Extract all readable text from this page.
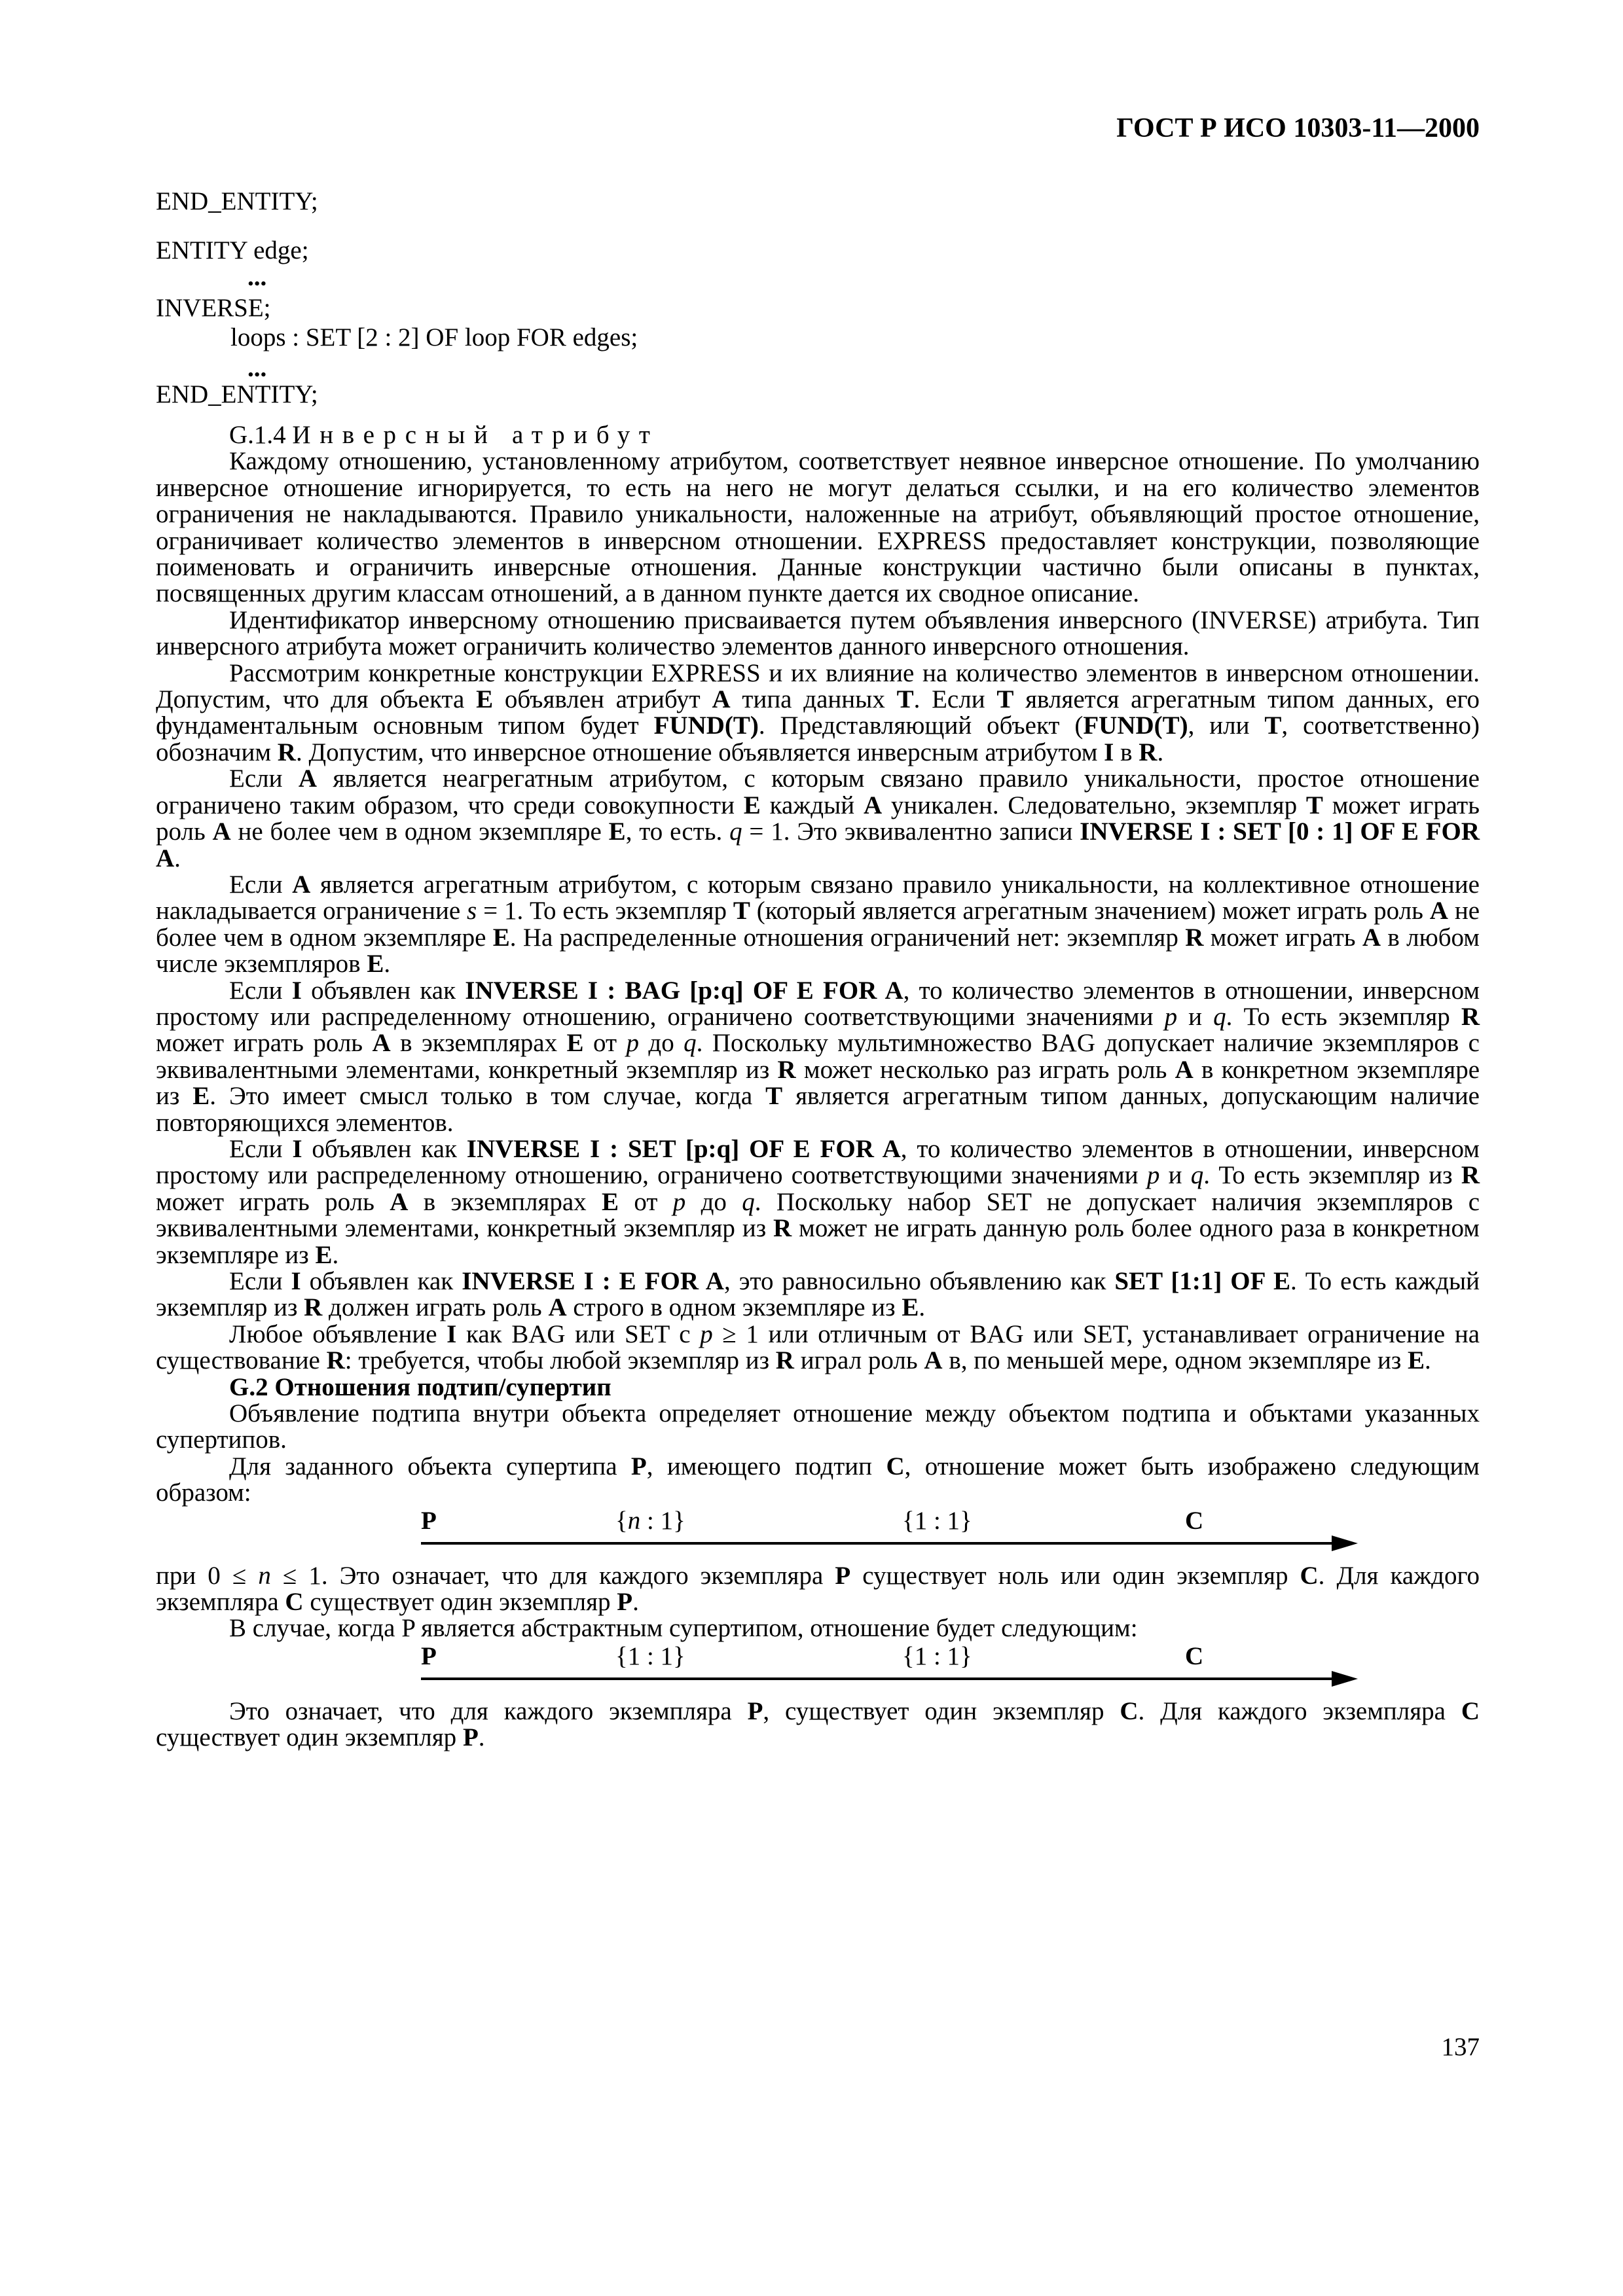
ГОСТ Р ИСО 10303-11—2000
END_ENTITY;
ENTITY edge;
...
INVERSE;
loops : SET [2 : 2] OF loop FOR edges;
...
END_ENTITY;

G.1.4 Инверсный атрибут

Каждому отношению, установленному атрибутом, соответствует неявное инверсное отношение. По умолчанию инверсное отношение игнорируется, то есть на него не могут делаться ссылки, и на его количество элементов ограничения не накладываются. Правило уникальности, наложенные на атрибут, объявляющий простое отношение, ограничивает количество элементов в инверсном отношении. EXPRESS предоставляет конструкции, позволяющие поименовать и ограничить инверсные отношения. Данные конструкции частично были описаны в пунктах, посвященных другим классам отношений, а в данном пункте дается их сводное описание.

Идентификатор инверсному отношению присваивается путем объявления инверсного (INVERSE) атрибута. Тип инверсного атрибута может ограничить количество элементов данного инверсного отношения.

Рассмотрим конкретные конструкции EXPRESS и их влияние на количество элементов в инверсном отношении. Допустим, что для объекта E объявлен атрибут A типа данных T. Если T является агрегатным типом данных, его фундаментальным основным типом будет FUND(T). Представляющий объект (FUND(T), или T, соответственно) обозначим R. Допустим, что инверсное отношение объявляется инверсным атрибутом I в R.

Если A является неагрегатным атрибутом, с которым связано правило уникальности, простое отношение ограничено таким образом, что среди совокупности E каждый A уникален. Следовательно, экземпляр T может играть роль A не более чем в одном экземпляре E, то есть. q = 1. Это эквивалентно записи INVERSE I : SET [0 : 1] OF E FOR A.

Если A является агрегатным атрибутом, с которым связано правило уникальности, на коллективное отношение накладывается ограничение s = 1. То есть экземпляр T (который является агрегатным значением) может играть роль A не более чем в одном экземпляре E. На распределенные отношения ограничений нет: экземпляр R может играть A в любом числе экземпляров E.

Если I объявлен как INVERSE I : BAG [p:q] OF E FOR A, то количество элементов в отношении, инверсном простому или распределенному отношению, ограничено соответствующими значениями p и q. То есть экземпляр R может играть роль A в экземплярах E от p до q. Поскольку мультимножество BAG допускает наличие экземпляров с эквивалентными элементами, конкретный экземпляр из R может несколько раз играть роль A в конкретном экземпляре из E. Это имеет смысл только в том случае, когда T является агрегатным типом данных, допускающим наличие повторяющихся элементов.

Если I объявлен как INVERSE I : SET [p:q] OF E FOR A, то количество элементов в отношении, инверсном простому или распределенному отношению, ограничено соответствующими значениями p и q. То есть экземпляр из R может играть роль A в экземплярах E от p до q. Поскольку набор SET не допускает наличия экземпляров с эквивалентными элементами, конкретный экземпляр из R может не играть данную роль более одного раза в конкретном экземпляре из E.

Если I объявлен как INVERSE I : E FOR A, это равносильно объявлению как SET [1:1] OF E. То есть каждый экземпляр из R должен играть роль A строго в одном экземпляре из E.

Любое объявление I как BAG или SET с p ≥ 1 или отличным от BAG или SET, устанавливает ограничение на существование R: требуется, чтобы любой экземпляр из R играл роль A в, по меньшей мере, одном экземпляре из E.

G.2 Отношения подтип/супертип

Объявление подтипа внутри объекта определяет отношение между объектом подтипа и объктами указанных супертипов.

Для заданного объекта супертипа P, имеющего подтип C, отношение может быть изображено следующим образом:

P	{n : 1}	{1 : 1}	C

при 0 ≤ n ≤ 1. Это означает, что для каждого экземпляра P существует ноль или один экземпляр C. Для каждого экземпляра C существует один экземпляр P.

В случае, когда P является абстрактным супертипом, отношение будет следующим:

P	{1 : 1}	{1 : 1}	C

Это означает, что для каждого экземпляра P, существует один экземпляр C. Для каждого экземпляра C существует один экземпляр P.

137
